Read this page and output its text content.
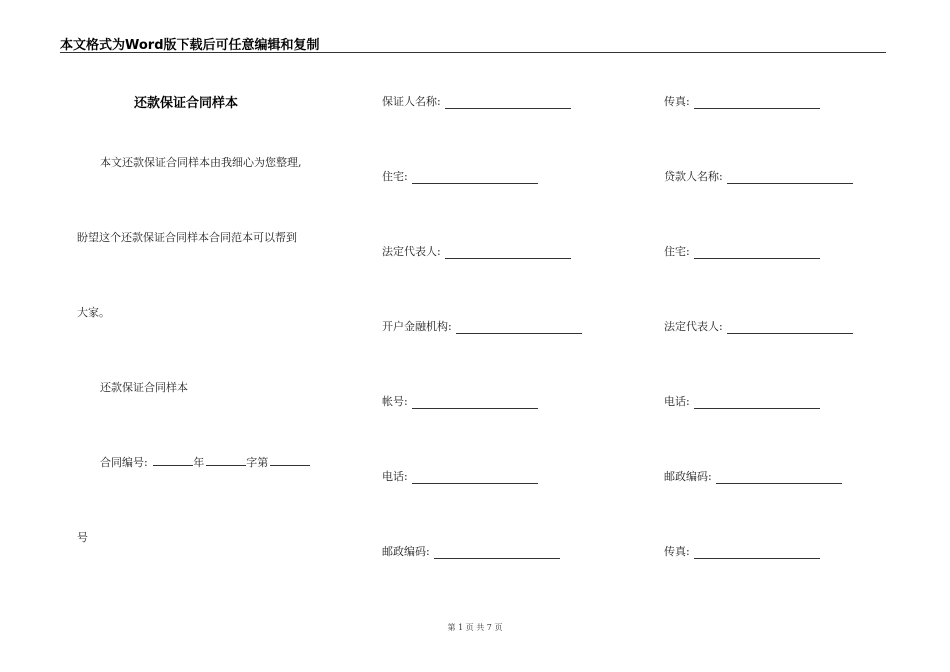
本文格式为Word版下载后可任意编辑和复制
还款保证合同样本
本文还款保证合同样本由我细心为您整理,
盼望这个还款保证合同样本合同范本可以帮到
大家。
还款保证合同样本
合同编号:	年	字第
号
保证人名称:
住宅:
法定代表人:
开户金融机构:
帐号:
电话:
邮政编码:
传真:
贷款人名称:
住宅:
法定代表人:
电话:
邮政编码:
传真:
第 1 页 共 7 页
